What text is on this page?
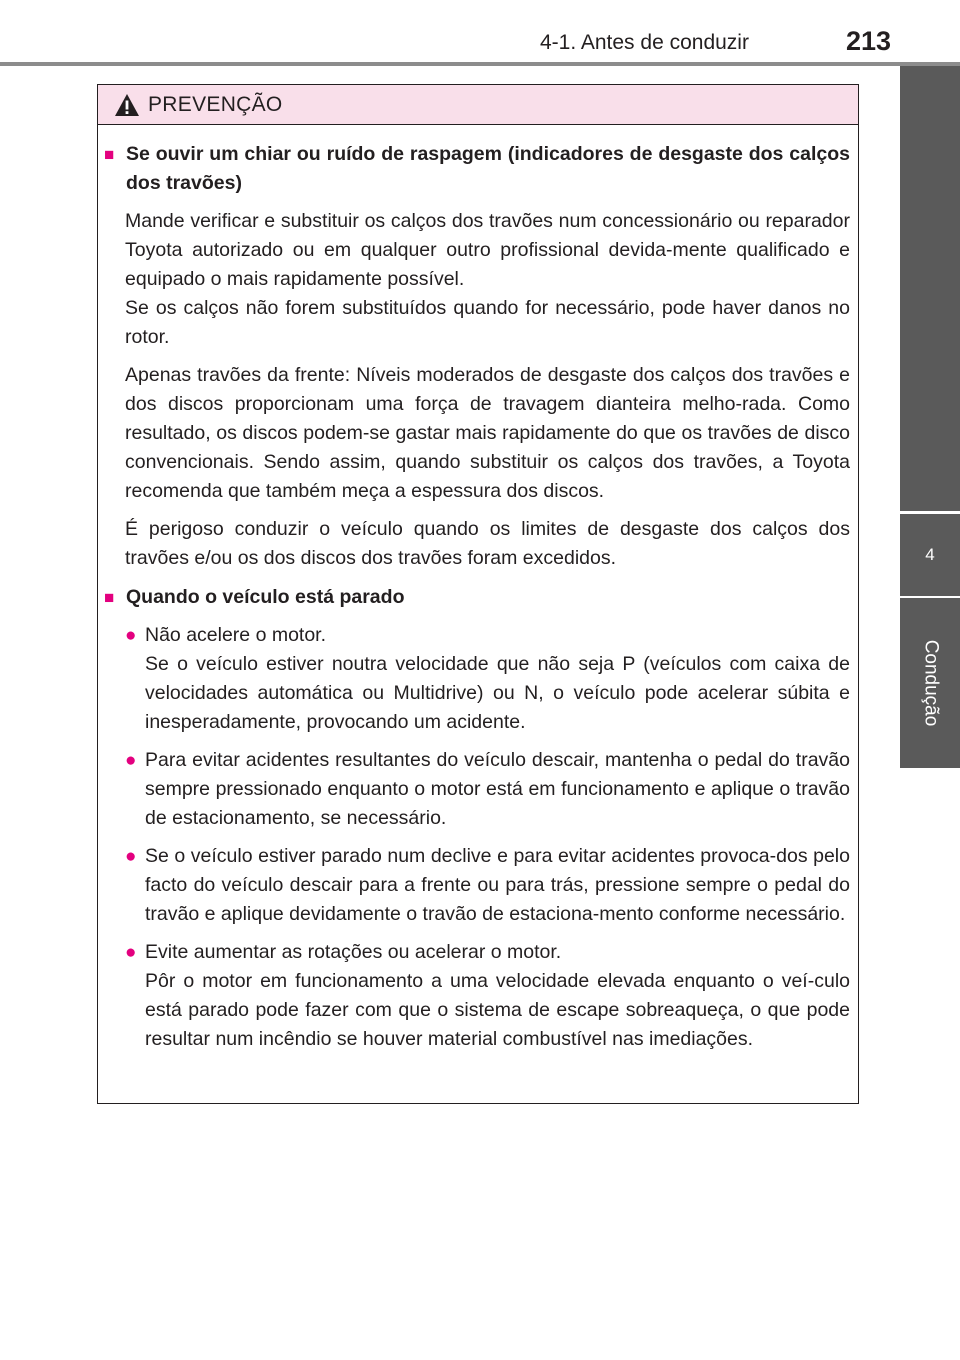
4-1. Antes de conduzir	213
4
Condução
PREVENÇÃO
■ Se ouvir um chiar ou ruído de raspagem (indicadores de desgaste dos calços dos travões)
Mande verificar e substituir os calços dos travões num concessionário ou reparador Toyota autorizado ou em qualquer outro profissional devida-mente qualificado e equipado o mais rapidamente possível.
Se os calços não forem substituídos quando for necessário, pode haver danos no rotor.
Apenas travões da frente: Níveis moderados de desgaste dos calços dos travões e dos discos proporcionam uma força de travagem dianteira melho-rada. Como resultado, os discos podem-se gastar mais rapidamente do que os travões de disco convencionais. Sendo assim, quando substituir os calços dos travões, a Toyota recomenda que também meça a espessura dos discos.
É perigoso conduzir o veículo quando os limites de desgaste dos calços dos travões e/ou os dos discos dos travões foram excedidos.
■ Quando o veículo está parado
● Não acelere o motor.
Se o veículo estiver noutra velocidade que não seja P (veículos com caixa de velocidades automática ou Multidrive) ou N, o veículo pode acelerar súbita e inesperadamente, provocando um acidente.
● Para evitar acidentes resultantes do veículo descair, mantenha o pedal do travão sempre pressionado enquanto o motor está em funcionamento e aplique o travão de estacionamento, se necessário.
● Se o veículo estiver parado num declive e para evitar acidentes provoca-dos pelo facto do veículo descair para a frente ou para trás, pressione sempre o pedal do travão e aplique devidamente o travão de estaciona-mento conforme necessário.
● Evite aumentar as rotações ou acelerar o motor.
Pôr o motor em funcionamento a uma velocidade elevada enquanto o veí-culo está parado pode fazer com que o sistema de escape sobreaqueça, o que pode resultar num incêndio se houver material combustível nas imediações.
